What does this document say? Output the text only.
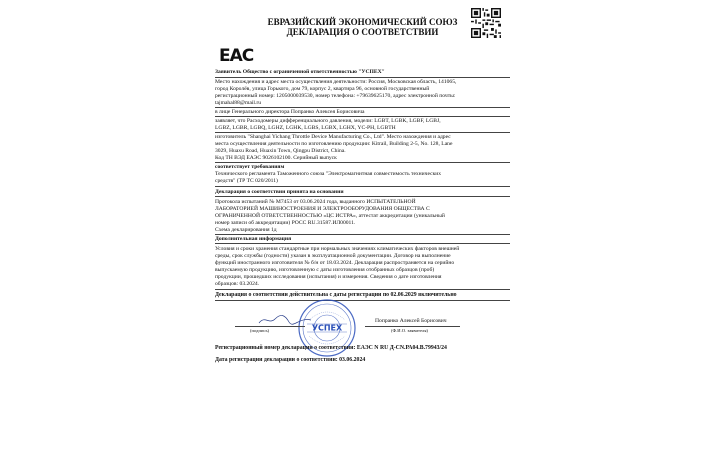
ЕВРАЗИЙСКИЙ ЭКОНОМИЧЕСКИЙ СОЮЗ
ДЕКЛАРАЦИЯ О СООТВЕТСТВИИ
ЕАС
Заявитель Общество с ограниченной ответственностью "УСПЕХ"
Место нахождения и адрес места осуществления деятельности: Россия, Московская область, 141065,
город Королёв, улица Горького, дом 79, корпус 2, квартира 96, основной государственный
регистрационный номер: 1205000039530, номер телефона: +79639625170, адрес электронной почты:
tajmahal88@mail.ru
в лице Генерального директора Попранко Алексея Борисовича
заявляет, что Расходомеры дифференциального давления, модели: LGBT, LGBK, LGBF, LGBJ,
LGBZ, LGBR, LGBQ, LGHZ, LGHK, LGBS, LGBX, LGHX, YC-PH, LGBTH
изготовитель "Shanghai Yichang Throttle Device Manufacturing Co., Ltd". Место нахождения и адрес
места осуществления деятельности по изготовлению продукции: Kitrail, Building 2-5, No. 128, Lane
3029, Huaxu Road, Huaxin Town, Qingpu District, China.
Код ТН ВЭД ЕАЭС 9026102100. Серийный выпуск
соответствует требованиям
Технического регламента Таможенного союза "Электромагнитная совместимость технических
средств" (ТР ТС 020/2011)
Декларация о соответствии принята на основании
Протокола испытаний № М7453 от 03.06.2024 года, выданного ИСПЫТАТЕЛЬНОЙ
ЛАБОРАТОРИЕЙ МАШИНОСТРОЕНИЯ И ЭЛЕКТРООБОРУДОВАНИЯ ОБЩЕСТВА С
ОГРАНИЧЕННОЙ ОТВЕТСТВЕННОСТЬЮ «ЦС ИСТРА», аттестат аккредитации (уникальный
номер записи об аккредитации) РОСС RU.31587.ИЛ00011.
Схема декларирования 1д
Дополнительная информация
Условия и сроки хранения стандартные при нормальных значениях климатических факторов внешней
среды, срок службы (годности) указан в эксплуатационной документации. Договор на выполнение
функций иностранного изготовителя № б/н от 18.03.2024. Декларация распространяется на серийно
выпускаемую продукцию, изготовленную с даты изготовления отобранных образцов (проб)
продукции, прошедших исследования (испытания) и измерения. Сведения о дате изготовления
образцов: 03.2024.
Декларация о соответствии действительна с даты регистрации по 02.06.2029 включительно
УСПЕХ
(подпись)
Попранко Алексей Борисович
(Ф.И.О. заявителя)
Регистрационный номер декларации о соответствии: ЕАЭС N RU Д-CN.РА04.В.79943/24
Дата регистрации декларации о соответствии: 03.06.2024
